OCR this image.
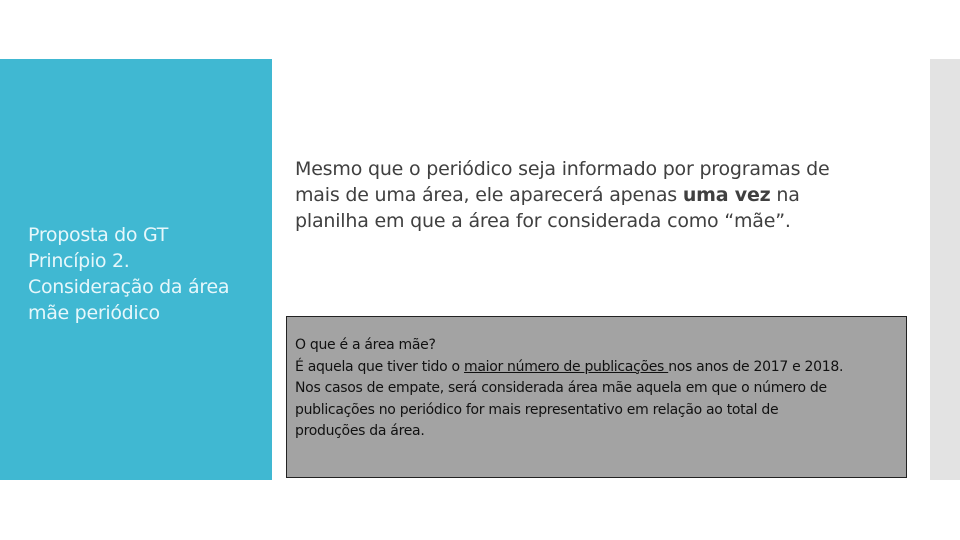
Proposta do GT
Princípio 2.
Consideração da área
mãe periódico
Mesmo que o periódico seja informado por programas de
mais de uma área, ele aparecerá apenas uma vez na
planilha em que a área for considerada como “mãe”.
O que é a área mãe?
É aquela que tiver tido o maior número de publicações nos anos de 2017 e 2018.
Nos casos de empate, será considerada área mãe aquela em que o número de
publicações no periódico for mais representativo em relação ao total de
produções da área.
